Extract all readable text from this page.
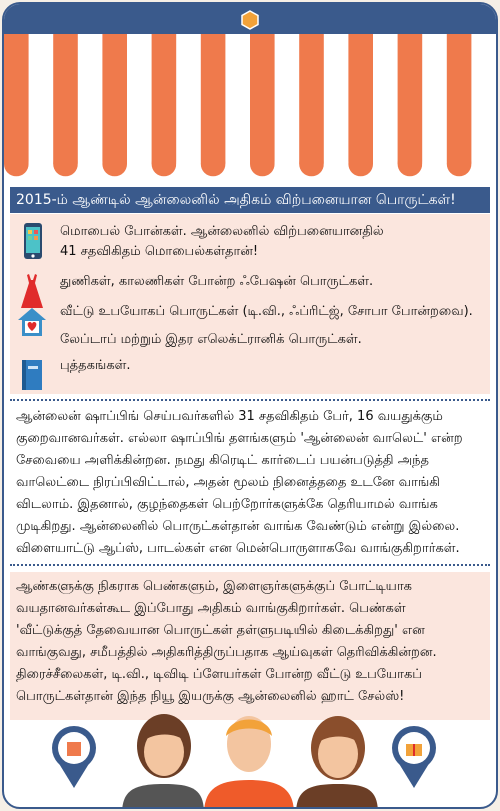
2015-ம் ஆண்டில் ஆன்லைனில் அதிகம் விற்பனையான பொருட்கள்!
மொபைல் போன்கள். ஆன்லைனில் விற்பனையானதில்
41 சதவிகிதம் மொபைல்கள்தான்!
துணிகள், காலணிகள் போன்ற ஃபேஷன் பொருட்கள்.
வீட்டு உபயோகப் பொருட்கள் (டி.வி., ஃப்ரிட்ஜ், சோபா போன்றவை).
லேப்டாப் மற்றும் இதர எலெக்ட்ரானிக் பொருட்கள்.
புத்தகங்கள்.
ஆன்லைன் ஷாப்பிங் செய்பவர்களில் 31 சதவிகிதம் பேர், 16 வயதுக்கும்
குறைவானவர்கள். எல்லா ஷாப்பிங் தளங்களும் 'ஆன்லைன் வாலெட்' என்ற
சேவையை அளிக்கின்றன. நமது கிரெடிட் கார்டைப் பயன்படுத்தி அந்த
வாலெட்டை நிரப்பிவிட்டால், அதன் மூலம் நினைத்ததை உடனே வாங்கி
விடலாம். இதனால், குழந்தைகள் பெற்றோர்களுக்கே தெரியாமல் வாங்க
முடிகிறது. ஆன்லைனில் பொருட்கள்தான் வாங்க வேண்டும் என்று இல்லை.
விளையாட்டு ஆப்ஸ், பாடல்கள் என மென்பொருளாகவே வாங்குகிறார்கள்.
ஆண்களுக்கு நிகராக பெண்களும், இளைஞர்களுக்குப் போட்டியாக
வயதானவர்கள்கூட இப்போது அதிகம் வாங்குகிறார்கள். பெண்கள்
'வீட்டுக்குத் தேவையான பொருட்கள் தள்ளுபடியில் கிடைக்கிறது' என
வாங்குவது, சமீபத்தில் அதிகரித்திருப்பதாக ஆய்வுகள் தெரிவிக்கின்றன.
திரைச்சீலைகள், டி.வி., டிவிடி ப்ளேயர்கள் போன்ற வீட்டு உபயோகப்
பொருட்கள்தான் இந்த நியூ இயருக்கு ஆன்லைனில் ஹாட் சேல்ஸ்!
